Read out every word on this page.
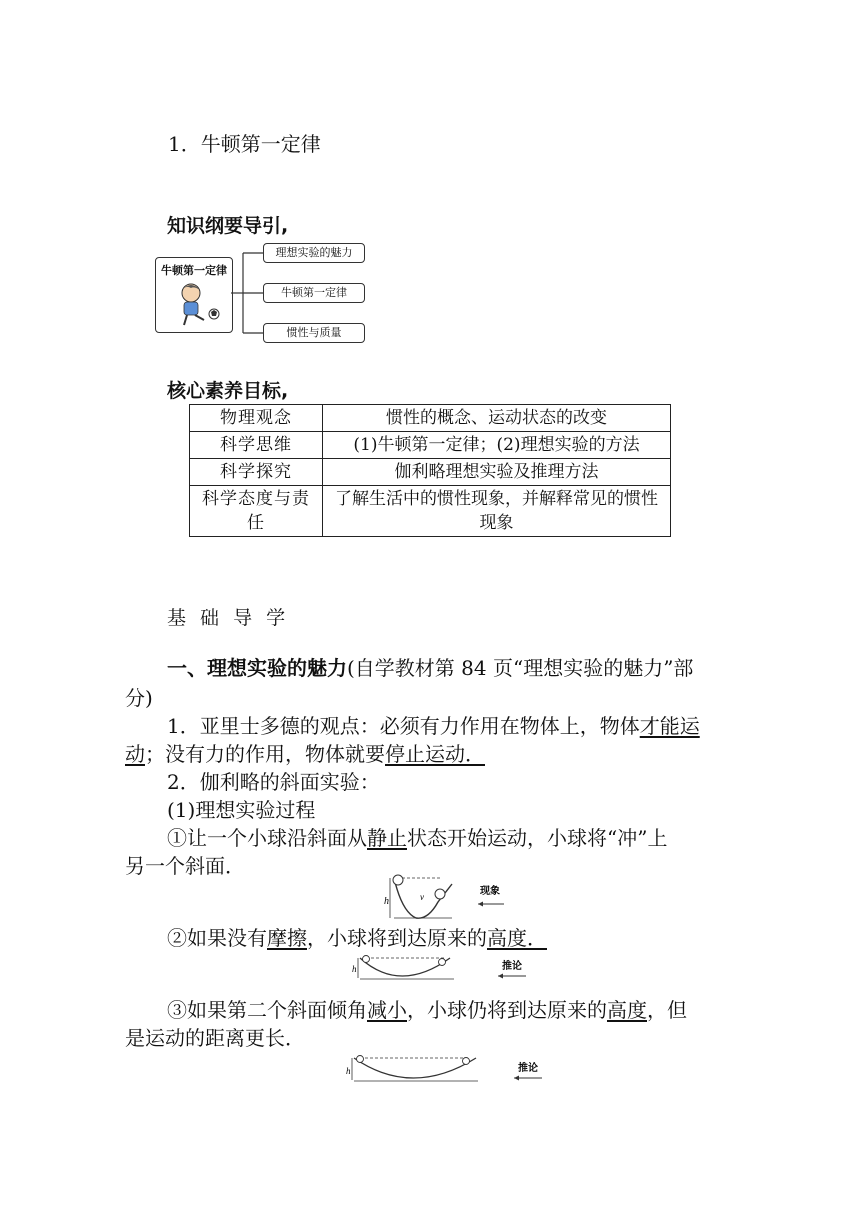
1．牛顿第一定律
知识纲要导引,
牛顿第一定律
理想实验的魅力
牛顿第一定律
惯性与质量
核心素养目标,
物理观念	惯性的概念、运动状态的改变
科学思维	(1)牛顿第一定律；(2)理想实验的方法
科学探究	伽利略理想实验及推理方法
科学态度与责任	了解生活中的惯性现象，并解释常见的惯性现象
基 础 导 学
一、理想实验的魅力(自学教材第 84 页“理想实验的魅力”部
分)
1．亚里士多德的观点：必须有力作用在物体上，物体才能运
动；没有力的作用，物体就要停止运动．
2．伽利略的斜面实验：
(1)理想实验过程
①让一个小球沿斜面从静止状态开始运动，小球将“冲”上
另一个斜面．
h	v	现象
②如果没有摩擦，小球将到达原来的高度．
h	推论
③如果第二个斜面倾角减小，小球仍将到达原来的高度，但
是运动的距离更长．
h	推论
